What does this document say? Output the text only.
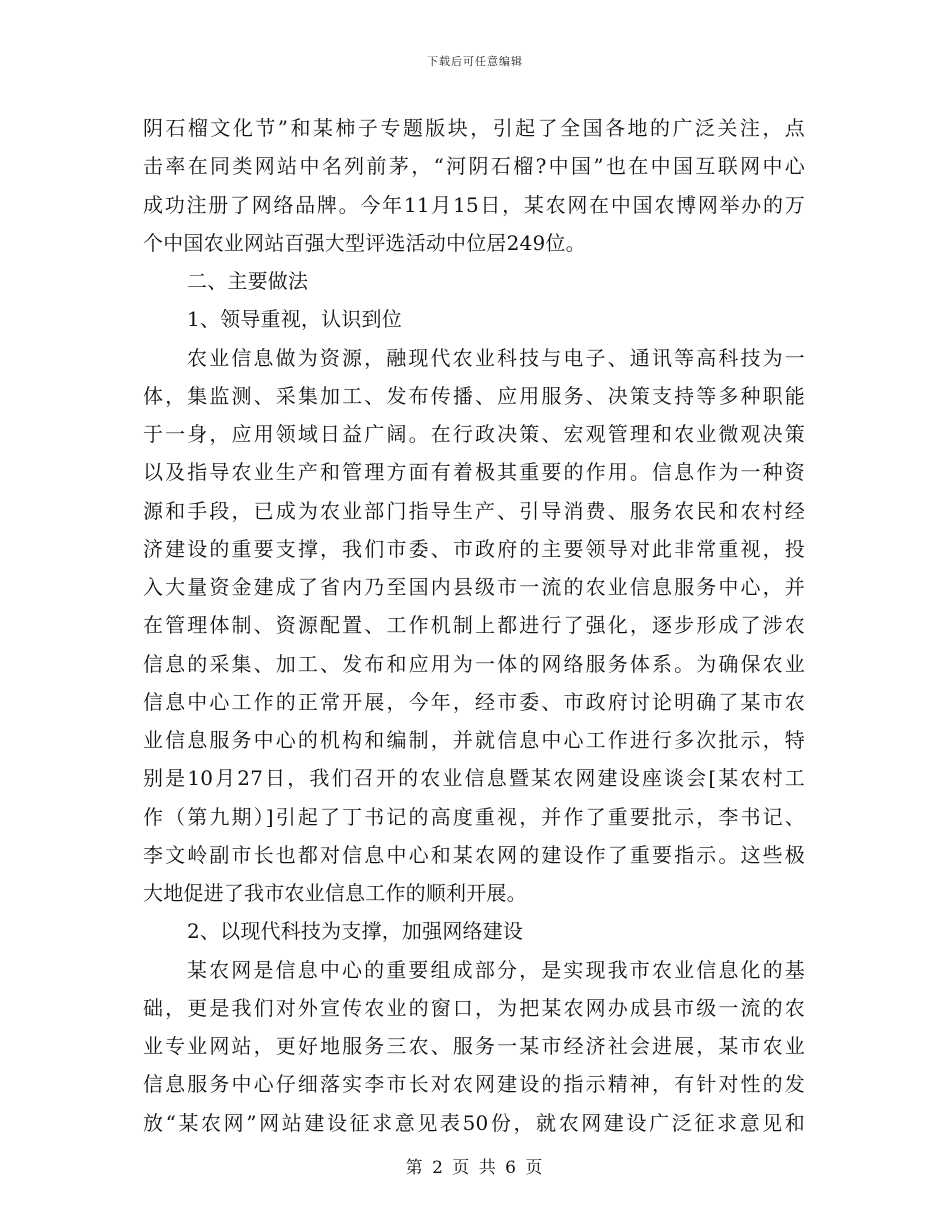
下载后可任意编辑
阴石榴文化节”和某柿子专题版块，引起了全国各地的广泛关注，点
击率在同类网站中名列前茅，“河阴石榴?中国”也在中国互联网中心
成功注册了网络品牌。今年11月15日，某农网在中国农博网举办的万
个中国农业网站百强大型评选活动中位居249位。
二、主要做法
1、领导重视，认识到位
农业信息做为资源，融现代农业科技与电子、通讯等高科技为一
体，集监测、采集加工、发布传播、应用服务、决策支持等多种职能
于一身，应用领域日益广阔。在行政决策、宏观管理和农业微观决策
以及指导农业生产和管理方面有着极其重要的作用。信息作为一种资
源和手段，已成为农业部门指导生产、引导消费、服务农民和农村经
济建设的重要支撑，我们市委、市政府的主要领导对此非常重视，投
入大量资金建成了省内乃至国内县级市一流的农业信息服务中心，并
在管理体制、资源配置、工作机制上都进行了强化，逐步形成了涉农
信息的采集、加工、发布和应用为一体的网络服务体系。为确保农业
信息中心工作的正常开展，今年，经市委、市政府讨论明确了某市农
业信息服务中心的机构和编制，并就信息中心工作进行多次批示，特
别是10月27日，我们召开的农业信息暨某农网建设座谈会[某农村工
作（第九期）]引起了丁书记的高度重视，并作了重要批示，李书记、
李文岭副市长也都对信息中心和某农网的建设作了重要指示。这些极
大地促进了我市农业信息工作的顺利开展。
2、以现代科技为支撑，加强网络建设
某农网是信息中心的重要组成部分，是实现我市农业信息化的基
础，更是我们对外宣传农业的窗口，为把某农网办成县市级一流的农
业专业网站，更好地服务三农、服务一某市经济社会进展，某市农业
信息服务中心仔细落实李市长对农网建设的指示精神，有针对性的发
放“某农网”网站建设征求意见表50份，就农网建设广泛征求意见和
第 2 页 共 6 页
